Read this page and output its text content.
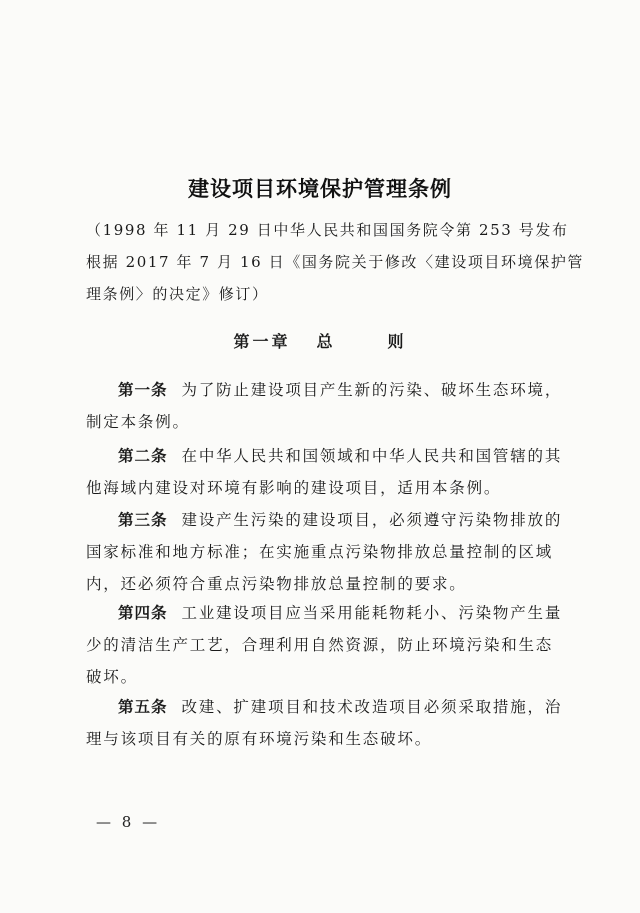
建设项目环境保护管理条例
（1998 年 11 月 29 日中华人民共和国国务院令第 253 号发布
根据 2017 年 7 月 16 日《国务院关于修改〈建设项目环境保护管
理条例〉的决定》修订）
第一章 总	则
第一条 为了防止建设项目产生新的污染、破坏生态环境，
制定本条例。
第二条 在中华人民共和国领域和中华人民共和国管辖的其
他海域内建设对环境有影响的建设项目，适用本条例。
第三条 建设产生污染的建设项目，必须遵守污染物排放的
国家标准和地方标准；在实施重点污染物排放总量控制的区域
内，还必须符合重点污染物排放总量控制的要求。
第四条 工业建设项目应当采用能耗物耗小、污染物产生量
少的清洁生产工艺，合理利用自然资源，防止环境污染和生态
破坏。
第五条 改建、扩建项目和技术改造项目必须采取措施，治
理与该项目有关的原有环境污染和生态破坏。
— 8 —
